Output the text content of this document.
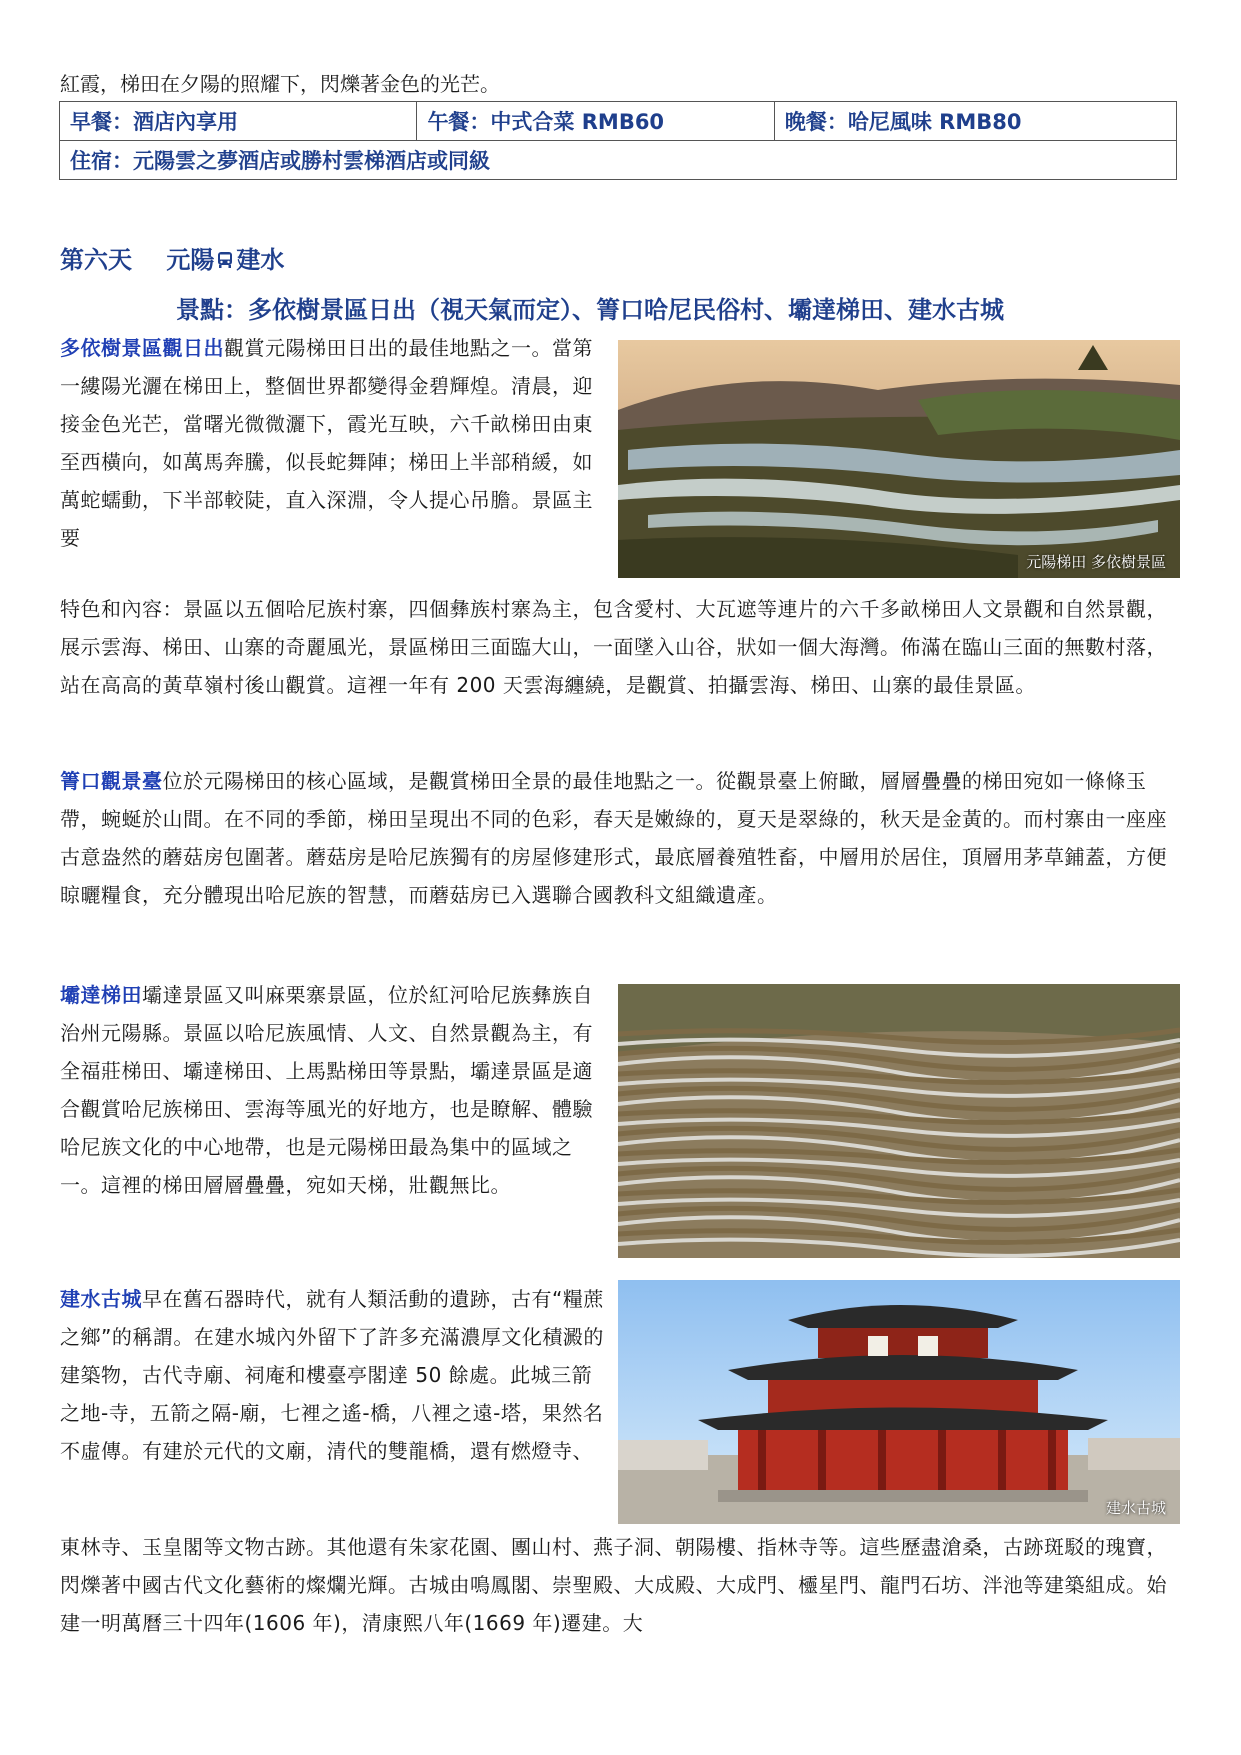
紅霞，梯田在夕陽的照耀下，閃爍著金色的光芒。
早餐：酒店內享用	午餐：中式合菜 RMB60	晚餐：哈尼風味 RMB80
住宿：元陽雲之夢酒店或勝村雲梯酒店或同級
第六天 元陽 建水
景點：多依樹景區日出（視天氣而定）、箐口哈尼民俗村、壩達梯田、建水古城
多依樹景區觀日出觀賞元陽梯田日出的最佳地點之一。當第一縷陽光灑在梯田上，整個世界都變得金碧輝煌。清晨，迎接金色光芒，當曙光微微灑下，霞光互映，六千畝梯田由東至西橫向，如萬馬奔騰，似長蛇舞陣；梯田上半部稍緩，如萬蛇蠕動，下半部較陡，直入深淵，令人提心吊膽。景區主要
元陽梯田 多依樹景區
特色和內容：景區以五個哈尼族村寨，四個彝族村寨為主，包含愛村、大瓦遮等連片的六千多畝梯田人文景觀和自然景觀，展示雲海、梯田、山寨的奇麗風光，景區梯田三面臨大山，一面墜入山谷，狀如一個大海灣。佈滿在臨山三面的無數村落，站在高高的黃草嶺村後山觀賞。這裡一年有 200 天雲海纏繞，是觀賞、拍攝雲海、梯田、山寨的最佳景區。
箐口觀景臺位於元陽梯田的核心區域，是觀賞梯田全景的最佳地點之一。從觀景臺上俯瞰，層層疊疊的梯田宛如一條條玉帶，蜿蜒於山間。在不同的季節，梯田呈現出不同的色彩，春天是嫩綠的，夏天是翠綠的，秋天是金黃的。而村寨由一座座古意盎然的蘑菇房包圍著。蘑菇房是哈尼族獨有的房屋修建形式，最底層養殖牲畜，中層用於居住，頂層用茅草鋪蓋，方便晾曬糧食，充分體現出哈尼族的智慧，而蘑菇房已入選聯合國教科文組織遺產。
壩達梯田壩達景區又叫麻栗寨景區，位於紅河哈尼族彝族自治州元陽縣。景區以哈尼族風情、人文、自然景觀為主，有全福莊梯田、壩達梯田、上馬點梯田等景點，壩達景區是適合觀賞哈尼族梯田、雲海等風光的好地方，也是瞭解、體驗哈尼族文化的中心地帶，也是元陽梯田最為集中的區域之一。這裡的梯田層層疊疊，宛如天梯，壯觀無比。
建水古城早在舊石器時代，就有人類活動的遺跡，古有“糧蔗之鄉”的稱謂。在建水城內外留下了許多充滿濃厚文化積澱的建築物，古代寺廟、祠庵和樓臺亭閣達 50 餘處。此城三箭之地-寺，五箭之隔-廟，七裡之遙-橋，八裡之遠-塔，果然名不虛傳。有建於元代的文廟，清代的雙龍橋，還有燃燈寺、
建水古城
東林寺、玉皇閣等文物古跡。其他還有朱家花園、團山村、燕子洞、朝陽樓、指林寺等。這些歷盡滄桑，古跡斑駁的瑰寶，閃爍著中國古代文化藝術的燦爛光輝。古城由鳴鳳閣、崇聖殿、大成殿、大成門、欞星門、龍門石坊、泮池等建築組成。始建一明萬曆三十四年(1606 年)，清康熙八年(1669 年)遷建。大
